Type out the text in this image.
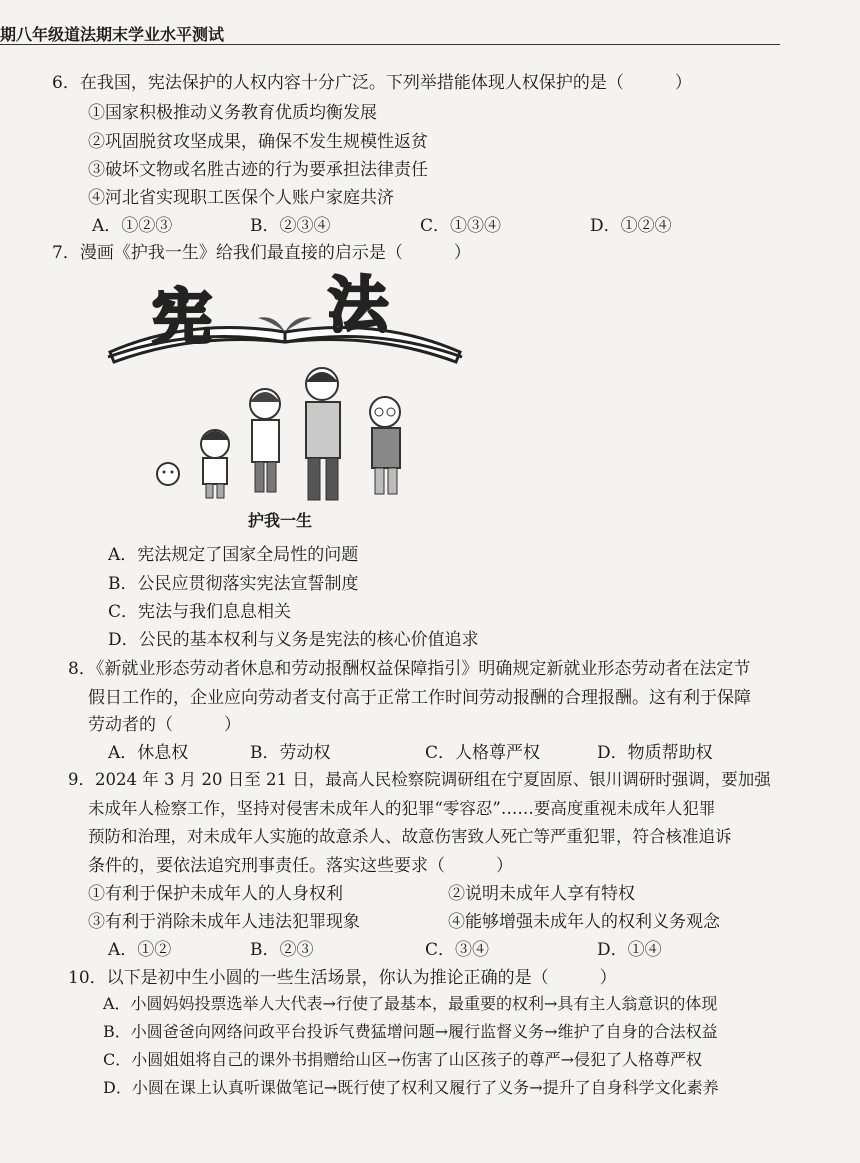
期八年级道法期末学业水平测试
6．在我国，宪法保护的人权内容十分广泛。下列举措能体现人权保护的是（　　　）
①国家积极推动义务教育优质均衡发展
②巩固脱贫攻坚成果，确保不发生规模性返贫
③破坏文物或名胜古迹的行为要承担法律责任
④河北省实现职工医保个人账户家庭共济
A．①②③	B．②③④	C．①③④	D．①②④
7．漫画《护我一生》给我们最直接的启示是（　　　）
宪 法
护我一生
A．宪法规定了国家全局性的问题
B．公民应贯彻落实宪法宣誓制度
C．宪法与我们息息相关
D．公民的基本权利与义务是宪法的核心价值追求
8．《新就业形态劳动者休息和劳动报酬权益保障指引》明确规定新就业形态劳动者在法定节
假日工作的，企业应向劳动者支付高于正常工作时间劳动报酬的合理报酬。这有利于保障
劳动者的（　　　）
A．休息权	B．劳动权	C．人格尊严权	D．物质帮助权
9．2024 年 3 月 20 日至 21 日，最高人民检察院调研组在宁夏固原、银川调研时强调，要加强
未成年人检察工作，坚持对侵害未成年人的犯罪“零容忍”……要高度重视未成年人犯罪
预防和治理，对未成年人实施的故意杀人、故意伤害致人死亡等严重犯罪，符合核准追诉
条件的，要依法追究刑事责任。落实这些要求（　　　）
①有利于保护未成年人的人身权利	②说明未成年人享有特权
③有利于消除未成年人违法犯罪现象	④能够增强未成年人的权利义务观念
A．①②	B．②③	C．③④	D．①④
10．以下是初中生小圆的一些生活场景，你认为推论正确的是（　　　）
A．小圆妈妈投票选举人大代表→行使了最基本，最重要的权利→具有主人翁意识的体现
B．小圆爸爸向网络问政平台投诉气费猛增问题→履行监督义务→维护了自身的合法权益
C．小圆姐姐将自己的课外书捐赠给山区→伤害了山区孩子的尊严→侵犯了人格尊严权
D．小圆在课上认真听课做笔记→既行使了权利又履行了义务→提升了自身科学文化素养
